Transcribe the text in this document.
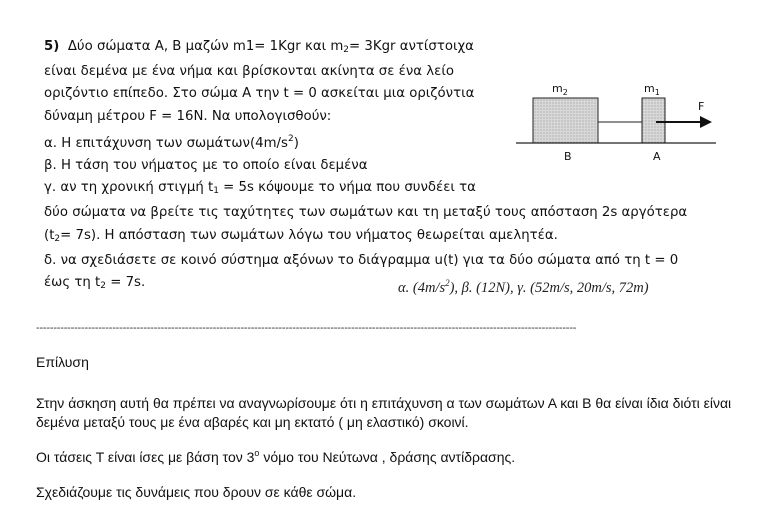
5) Δύο σώματα Α, Β μαζών m1= 1Kgr και $m_2= 3Kgr$ αντίστοιχα
είναι δεμένα με ένα νήμα και βρίσκονται ακίνητα σε ένα λείο
οριζόντιο επίπεδο. Στο σώμα Α την t = 0 ασκείται μια οριζόντια
δύναμη μέτρου F = 16N. Να υπολογισθούν:
α. Η επιτάχυνση των $\sigma\omega\mu ά\tau\omega\nu(4m/s^2)$
β. Η τάση του νήματος με το οποίο είναι δεμένα
γ. αν τη χρονική στιγμή $t_1 = 5s$ κόψουμε το νήμα που συνδέει τα
δύο σώματα να βρείτε τις ταχύτητες των σωμάτων και τη μεταξύ τους απόσταση 2s αργότερα
$(t_2= 7s)$. Η απόσταση των σωμάτων λόγω του νήματος θεωρείται αμελητέα.
δ. να σχεδιάσετε σε κοινό σύστημα αξόνων το διάγραμμα u(t) για τα δύο σώματα από τη t = 0
έως τη $t_2 = 7s$.	α. $(4m/s^2)$, β. (12N), γ. (52m/s, 20m/s, 72m)
$m_2$	$m_1$
F
B	A
------------------------------------------------------------------------------------------------------------------------------------------------------------

Επίλυση

Στην άσκηση αυτή θα πρέπει να αναγνωρίσουμε ότι η επιτάχυνση α των σωμάτων Α και Β θα είναι ίδια διότι είναι δεμένα μεταξύ τους με ένα αβαρές και μη εκτατό ( μη ελαστικό) σκοινί.

Οι τάσεις Τ είναι ίσες με βάση τον $3^o$ νόμο του Νεύτωνα , δράσης αντίδρασης.

Σχεδιάζουμε τις δυνάμεις που δρουν σε κάθε σώμα.
